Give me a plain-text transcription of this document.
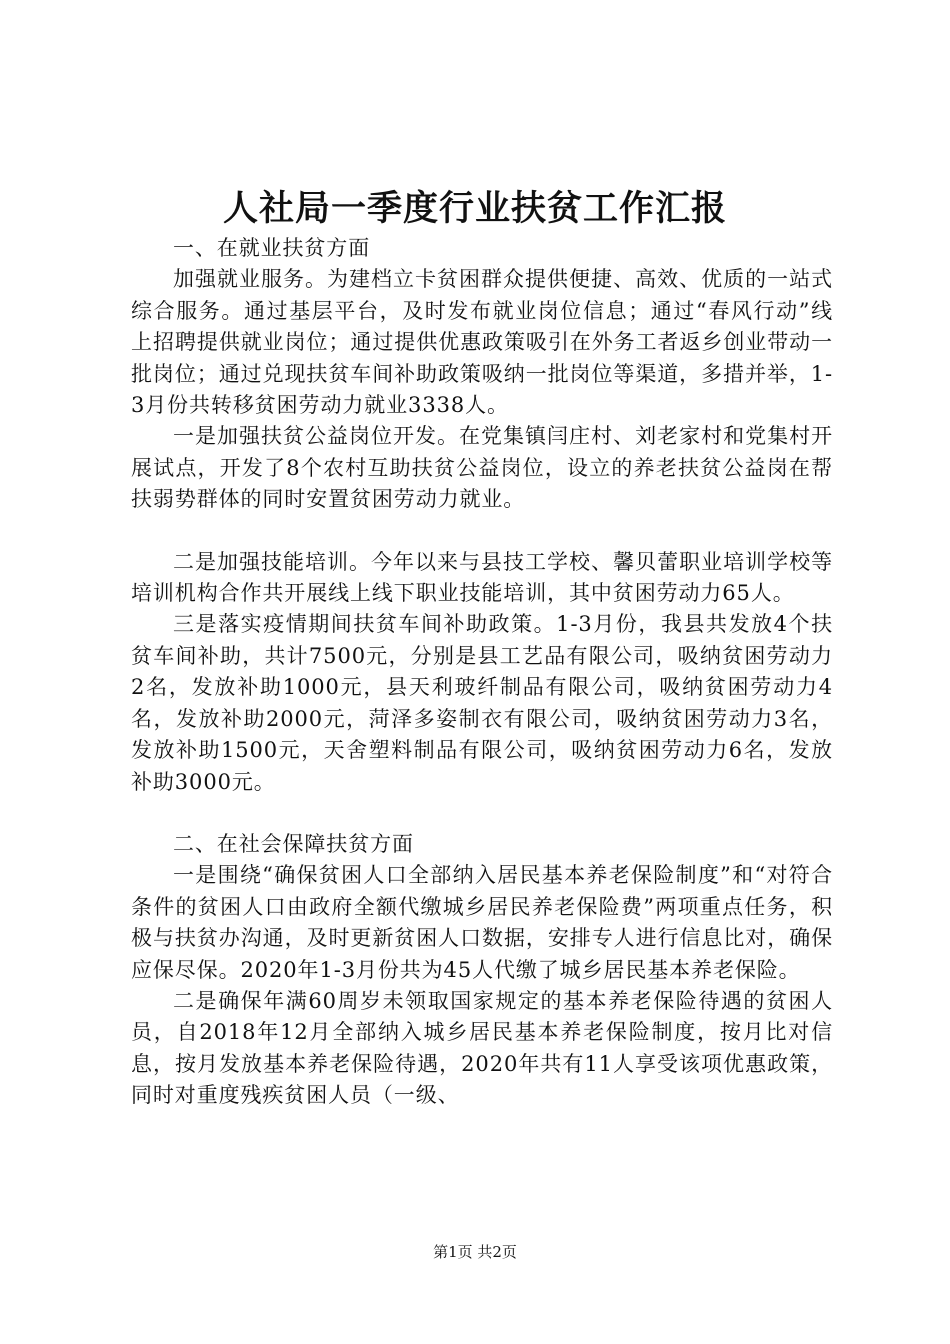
人社局一季度行业扶贫工作汇报

一、在就业扶贫方面

加强就业服务。为建档立卡贫困群众提供便捷、高效、优质的一站式综合服务。通过基层平台，及时发布就业岗位信息；通过“春风行动”线上招聘提供就业岗位；通过提供优惠政策吸引在外务工者返乡创业带动一批岗位；通过兑现扶贫车间补助政策吸纳一批岗位等渠道，多措并举，1-3月份共转移贫困劳动力就业3338人。

一是加强扶贫公益岗位开发。在党集镇闫庄村、刘老家村和党集村开展试点，开发了8个农村互助扶贫公益岗位，设立的养老扶贫公益岗在帮扶弱势群体的同时安置贫困劳动力就业。

二是加强技能培训。今年以来与县技工学校、馨贝蕾职业培训学校等培训机构合作共开展线上线下职业技能培训，其中贫困劳动力65人。

三是落实疫情期间扶贫车间补助政策。1-3月份，我县共发放4个扶贫车间补助，共计7500元，分别是县工艺品有限公司，吸纳贫困劳动力2名，发放补助1000元，县天利玻纤制品有限公司，吸纳贫困劳动力4名，发放补助2000元，菏泽多姿制衣有限公司，吸纳贫困劳动力3名，发放补助1500元，天舍塑料制品有限公司，吸纳贫困劳动力6名，发放补助3000元。

二、在社会保障扶贫方面

一是围绕“确保贫困人口全部纳入居民基本养老保险制度”和“对符合条件的贫困人口由政府全额代缴城乡居民养老保险费”两项重点任务，积极与扶贫办沟通，及时更新贫困人口数据，安排专人进行信息比对，确保应保尽保。2020年1-3月份共为45人代缴了城乡居民基本养老保险。

二是确保年满60周岁未领取国家规定的基本养老保险待遇的贫困人员，自2018年12月全部纳入城乡居民基本养老保险制度，按月比对信息，按月发放基本养老保险待遇，2020年共有11人享受该项优惠政策，同时对重度残疾贫困人员（一级、

第1页 共2页
